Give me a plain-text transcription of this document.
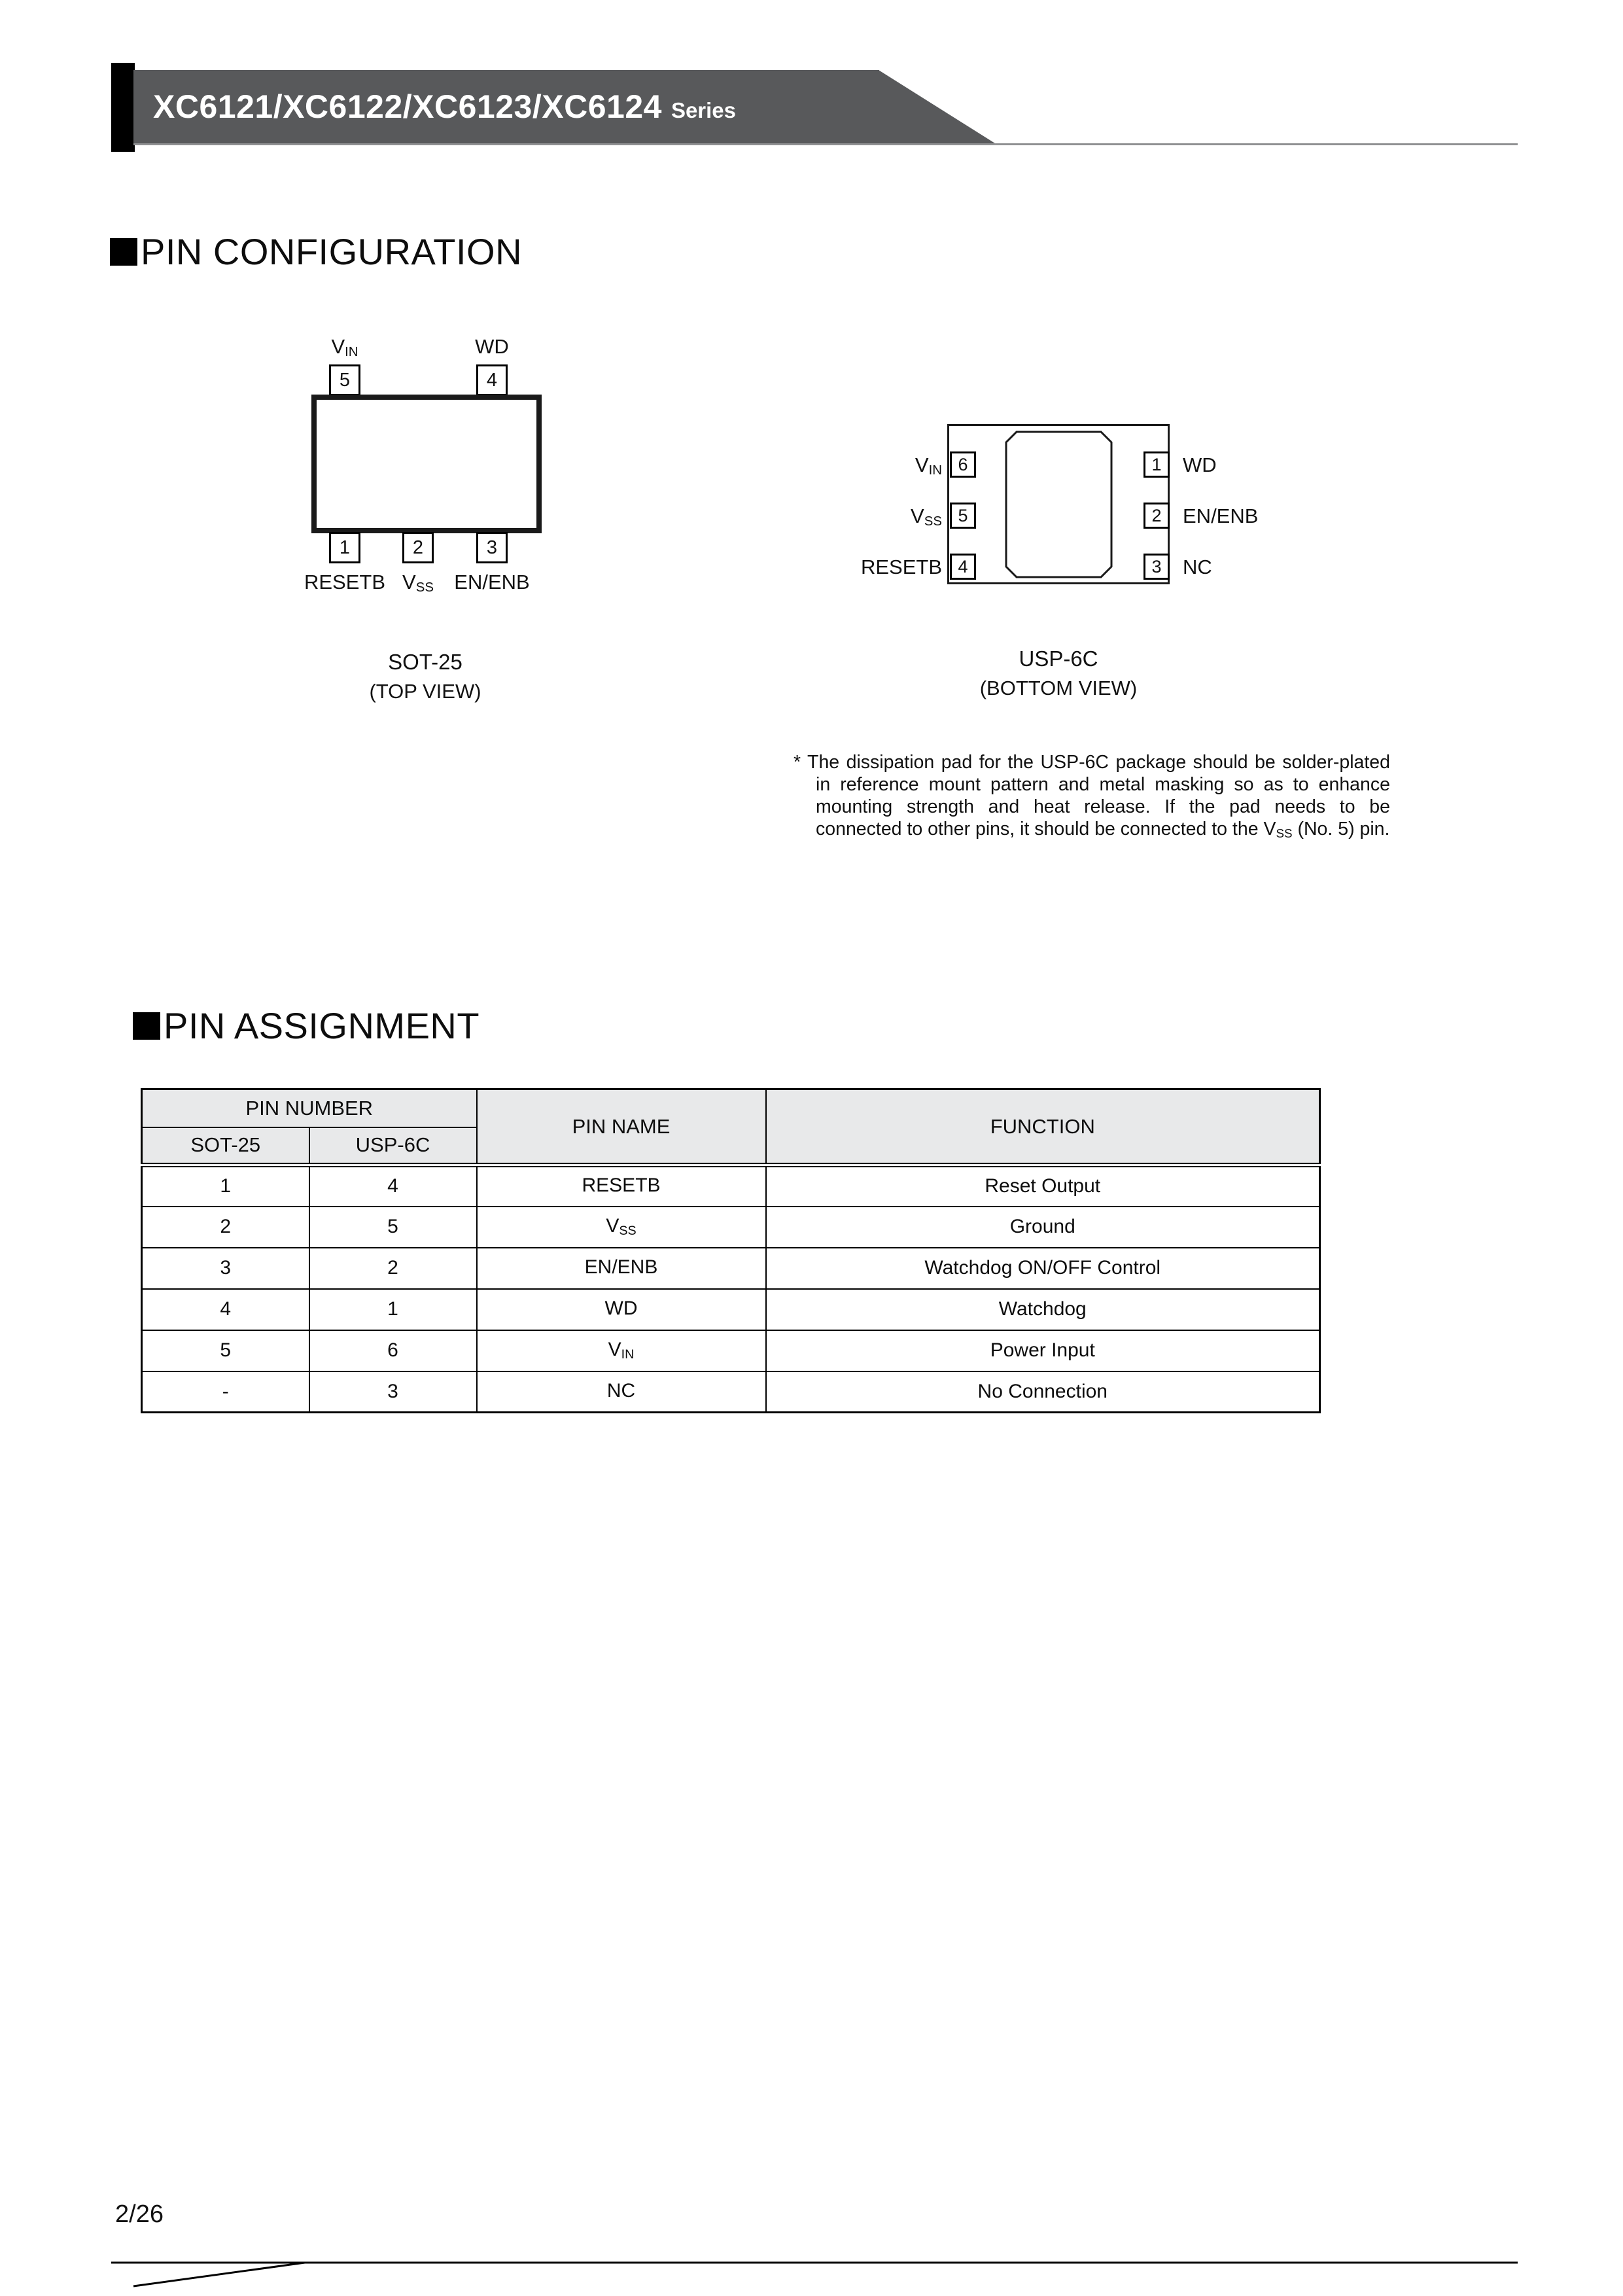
XC6121/XC6122/XC6123/XC6124 Series
PIN CONFIGURATION
$V_{IN}$	WD
5	4
1	2	3
RESETB $V_{SS}$	EN/ENB
SOT-25
(TOP VIEW)
$V_{IN}$
$V_{SS}$
RESETB
6
5
4
1
2
3
WD
EN/ENB
NC
USP-6C
(BOTTOM VIEW)

* The dissipation pad for the USP-6C package should be solder-plated in reference mount pattern and metal masking so as to enhance mounting strength and heat release. If the pad needs to be connected to other pins, it should be connected to the $V_{SS}$ (No. 5) pin.

PIN ASSIGNMENT
PIN NUMBER		PIN NAME	FUNCTION
SOT-25	USP-6C		
1	4	RESETB	Reset Output
2	5	$V_{SS}$	Ground
3	2	EN/ENB	Watchdog ON/OFF Control
4	1	WD	Watchdog
5	6	$V_{IN}$	Power Input
-	3	NC	No Connection
2/26
